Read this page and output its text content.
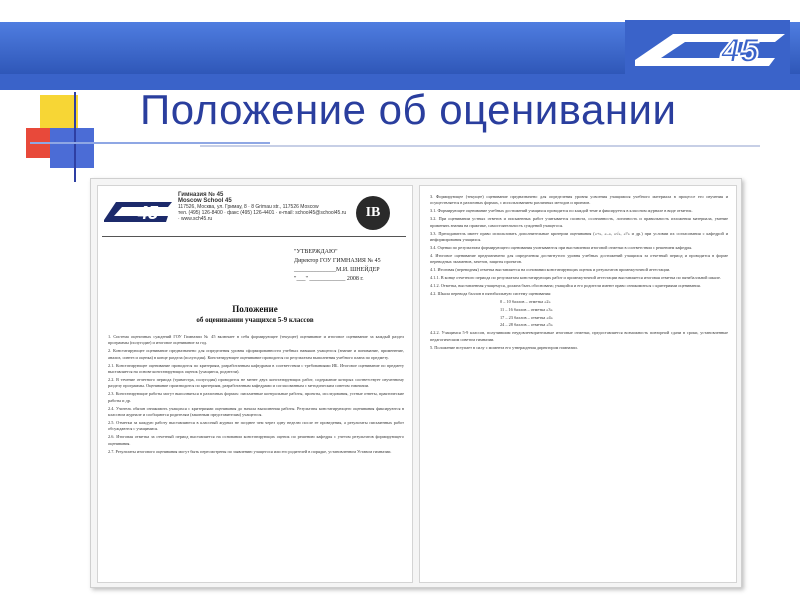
45
Положение об оценивании
45
Гимназия № 45
Moscow School 45
117526, Москва, ул. Гримау, 8 · 8 Grimau str., 117526 Moscow
тел. (495) 126-8400 · факс (495) 126-4401 · e-mail: school45@school45.ru · www.sch45.ru	IB
"УТВЕРЖДАЮ"
Директор ГОУ ГИМНАЗИЯ № 45
______________М.И. ШНЕЙДЕР
"___" ____________ 2008 г.
Положение
об оценивании учащихся 5-9 классов

1. Система оценочных суждений ГОУ Гимназии № 45 включает в себя формирующее (текущее) оценивание и итоговое оценивание за каждый раздел программы (полугодие) и итоговое оценивание за год.

2. Констатирующее оценивание предназначено для определения уровня сформированности учебных навыков учащегося (знание и понимание, применение, анализ, синтез и оценка) в конце раздела (полугодия). Констатирующее оценивание проводится по результатам выполнения учебного плана по предмету.

2.1. Констатирующее оценивание проводится по критериям, разработанным кафедрами в соответствии с требованиями ИБ. Итоговое оценивание по предмету выставляется на основе констатирующих оценок (учащиеся, родители).

2.2. В течение отчетного периода (триместра, полугодия) проводится не менее двух констатирующих работ, содержание которых соответствует изученному разделу программы. Оценивание производится по критериям, разработанным кафедрами и согласованным с методическим советом гимназии.

2.3. Констатирующие работы могут выполняться в различных формах: письменные контрольные работы, проекты, исследования, устные ответы, практические работы и др.

2.4. Учитель обязан ознакомить учащихся с критериями оценивания до начала выполнения работы. Результаты констатирующего оценивания фиксируются в классном журнале и сообщаются родителям (законным представителям) учащегося.

2.5. Отметки за каждую работу выставляются в классный журнал не позднее чем через одну неделю после ее проведения, а результаты письменных работ обсуждаются с учащимися.

2.6. Итоговая отметка за отчетный период выставляется на основании констатирующих оценок по решению кафедры с учетом результатов формирующего оценивания.

2.7. Результаты итогового оценивания могут быть пересмотрены по заявлению учащегося или его родителей в порядке, установленном Уставом гимназии.

3. Формирующее (текущее) оценивание предназначено для определения уровня усвоения учащимися учебного материала в процессе его изучения и осуществляется в различных формах, с использованием различных методов и приемов.

3.1. Формирующее оценивание учебных достижений учащихся проводится по каждой теме и фиксируется в классном журнале в виде отметок.

3.2. При оценивании устных ответов и письменных работ учитывается полнота, осознанность, логичность и правильность изложения материала, умение применять знания на практике, самостоятельность суждений учащегося.

3.3. Преподаватель имеет право использовать дополнительные критерии оценивания («+», «–», «√», «?» и др.) при условии их согласования с кафедрой и информирования учащихся.

3.4. Оценки по результатам формирующего оценивания учитываются при выставлении итоговой отметки в соответствии с решением кафедры.

4. Итоговое оценивание предназначено для определения достигнутого уровня учебных достижений учащихся за отчетный период и проводится в форме переводных экзаменов, зачетов, защиты проектов.

4.1. Итоговая (переводная) отметка выставляется на основании констатирующих оценок и результатов промежуточной аттестации.

4.1.1. В конце отчетного периода по результатам констатирующих работ и промежуточной аттестации выставляется итоговая отметка по пятибалльной шкале.

4.1.2. Отметка, выставленная учащемуся, должна быть обоснована; учащийся и его родители имеют право ознакомиться с критериями оценивания.

4.2. Шкала перевода баллов в пятибалльную систему оценивания:

0 – 10 баллов – отметка «2»

11 – 16 баллов – отметка «3»

17 – 23 баллов – отметка «4»

24 – 28 баллов – отметка «5»

4.2.2. Учащимся 5-9 классов, получившим неудовлетворительные итоговые отметки, предоставляется возможность повторной сдачи в сроки, установленные педагогическим советом гимназии.

5. Положение вступает в силу с момента его утверждения директором гимназии.
